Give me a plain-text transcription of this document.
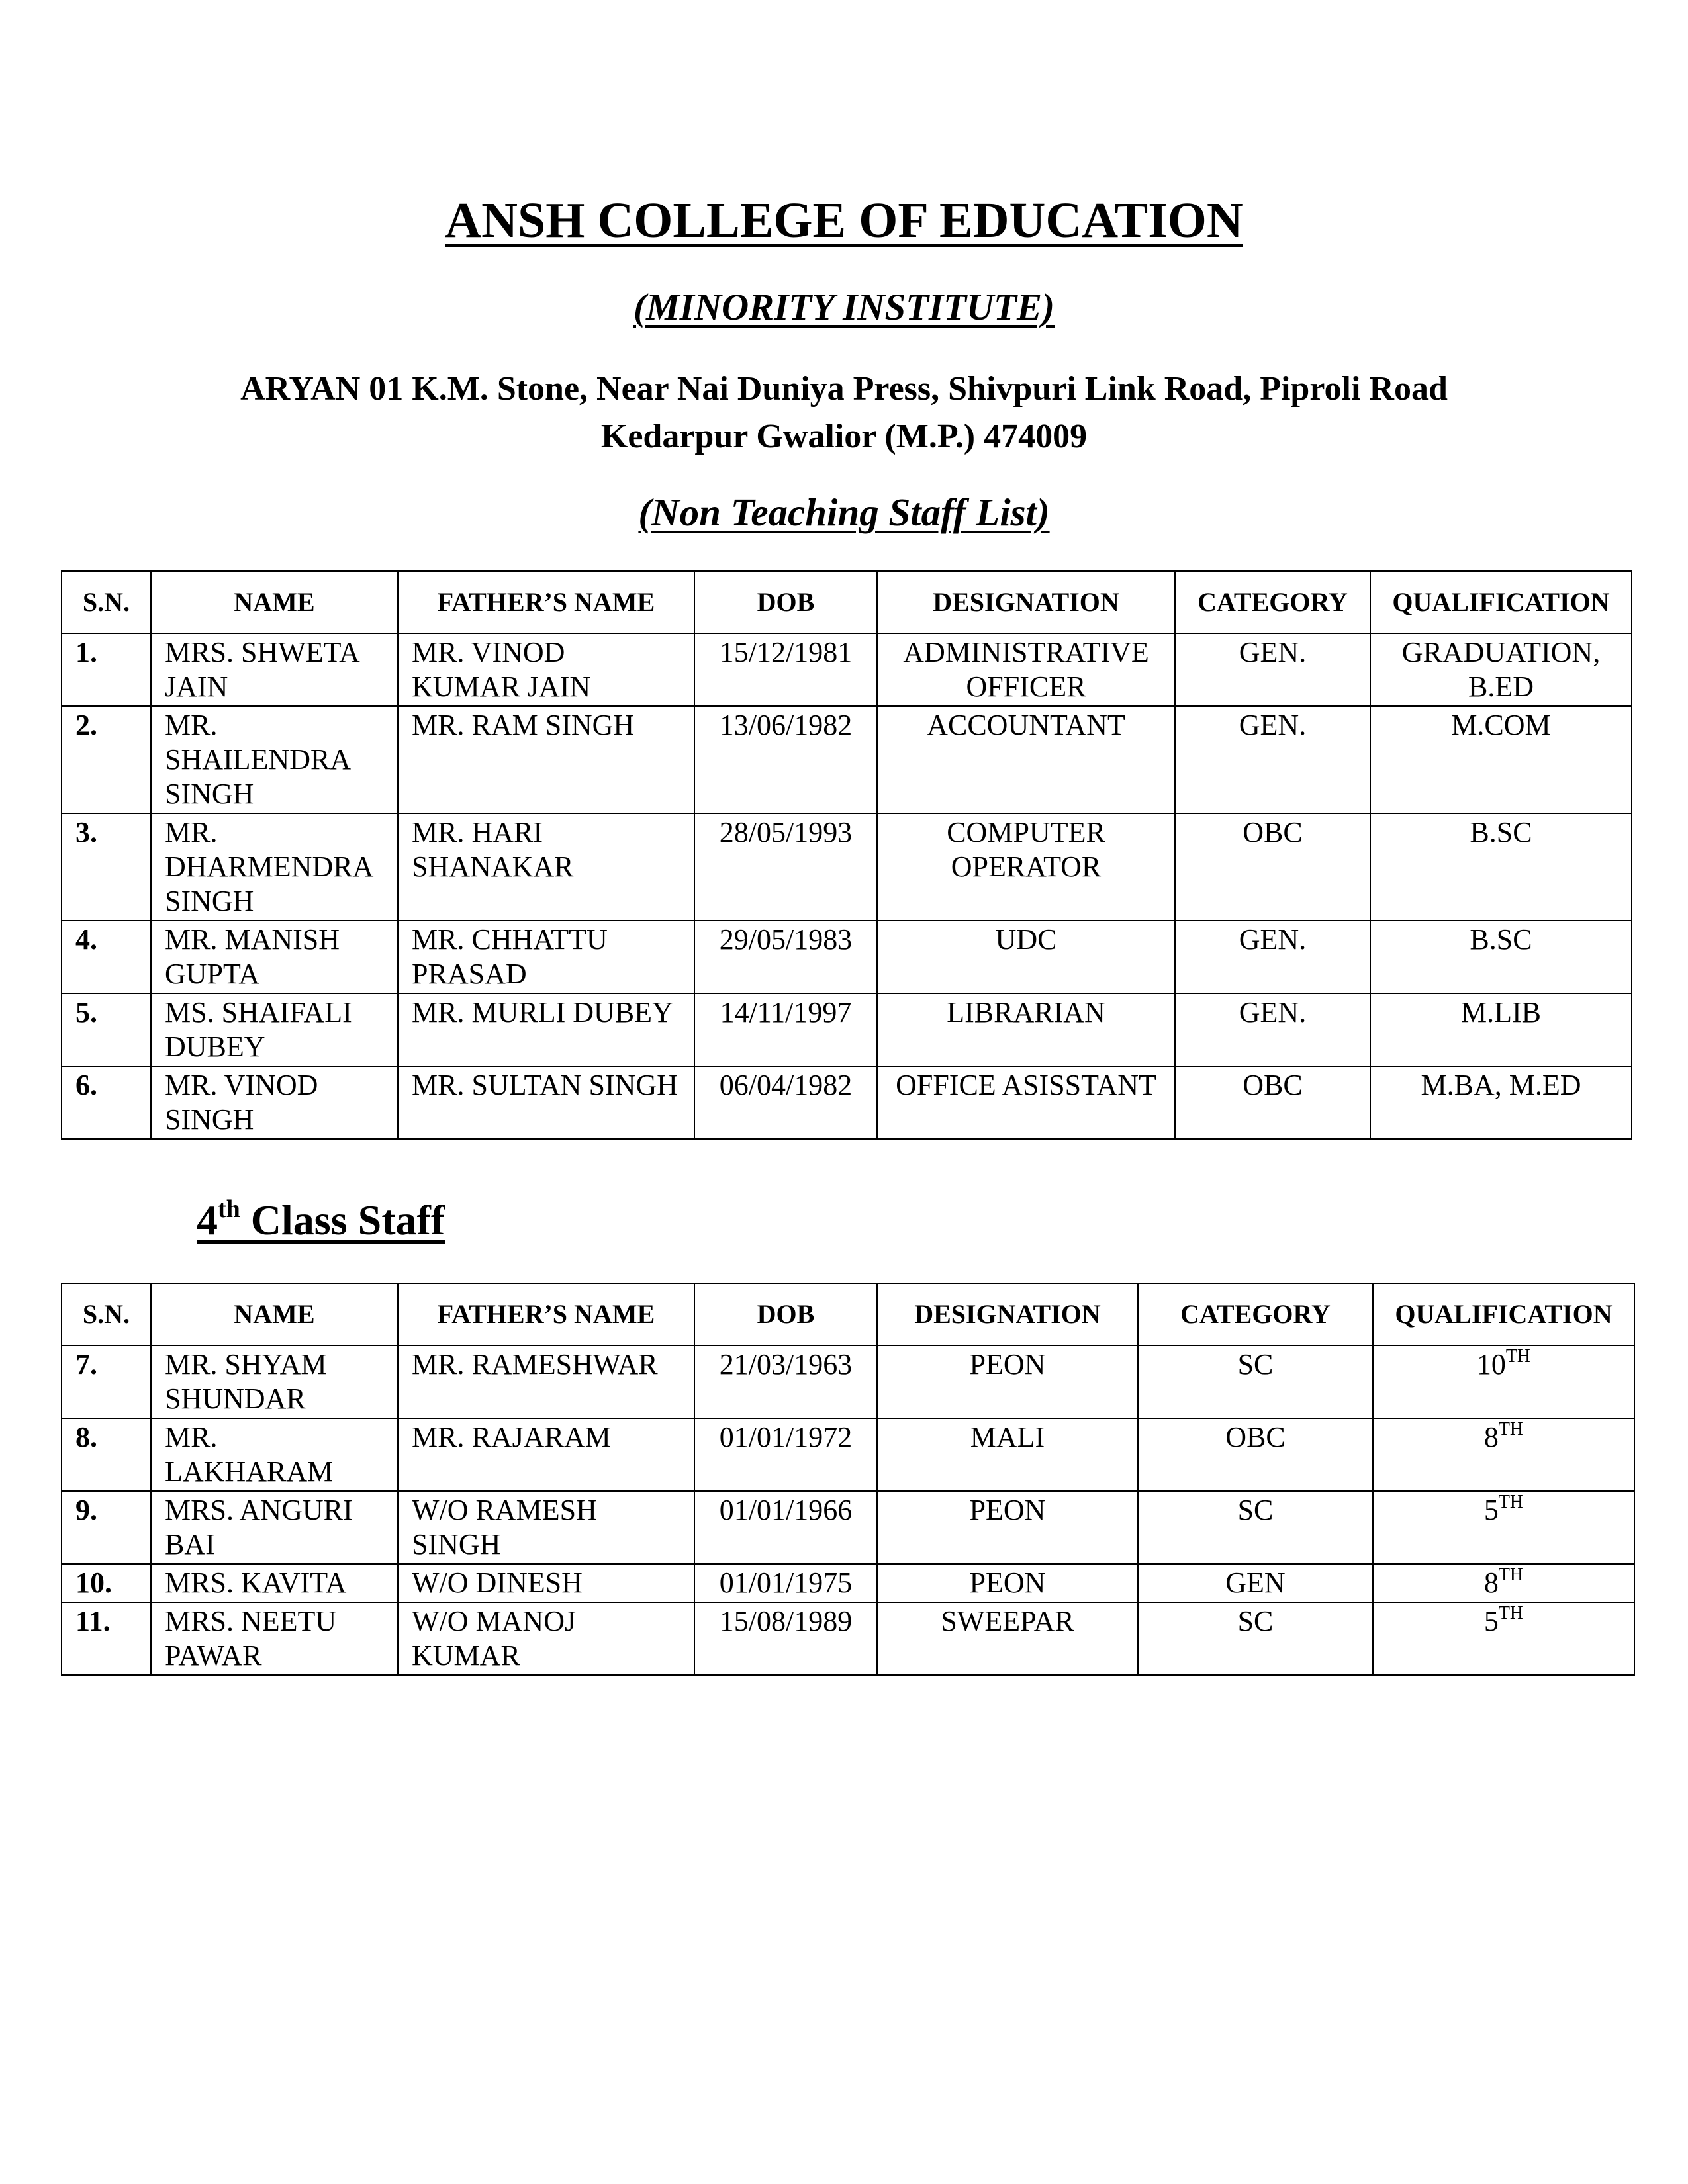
ANSH COLLEGE OF EDUCATION
(MINORITY INSTITUTE)
ARYAN 01 K.M. Stone, Near Nai Duniya Press, Shivpuri Link Road, Piproli Road
Kedarpur Gwalior (M.P.) 474009
(Non Teaching Staff List)
S.N.	NAME	FATHER’S NAME	DOB	DESIGNATION	CATEGORY	QUALIFICATION
1.	MRS. SHWETA JAIN	MR. VINOD KUMAR JAIN	15/12/1981	ADMINISTRATIVE OFFICER	GEN.	GRADUATION, B.ED
2.	MR. SHAILENDRA SINGH	MR. RAM SINGH	13/06/1982	ACCOUNTANT	GEN.	M.COM
3.	MR. DHARMENDRA SINGH	MR. HARI SHANAKAR	28/05/1993	COMPUTER OPERATOR	OBC	B.SC
4.	MR. MANISH GUPTA	MR. CHHATTU PRASAD	29/05/1983	UDC	GEN.	B.SC
5.	MS. SHAIFALI DUBEY	MR. MURLI DUBEY	14/11/1997	LIBRARIAN	GEN.	M.LIB
6.	MR. VINOD SINGH	MR. SULTAN SINGH	06/04/1982	OFFICE ASISSTANT	OBC	M.BA, M.ED
4th Class Staff
S.N.	NAME	FATHER’S NAME	DOB	DESIGNATION	CATEGORY	QUALIFICATION
7.	MR. SHYAM SHUNDAR	MR. RAMESHWAR	21/03/1963	PEON	SC	10TH
8.	MR. LAKHARAM	MR. RAJARAM	01/01/1972	MALI	OBC	8TH
9.	MRS. ANGURI BAI	W/O RAMESH SINGH	01/01/1966	PEON	SC	5TH
10.	MRS. KAVITA	W/O DINESH	01/01/1975	PEON	GEN	8TH
11.	MRS. NEETU PAWAR	W/O MANOJ KUMAR	15/08/1989	SWEEPAR	SC	5TH
